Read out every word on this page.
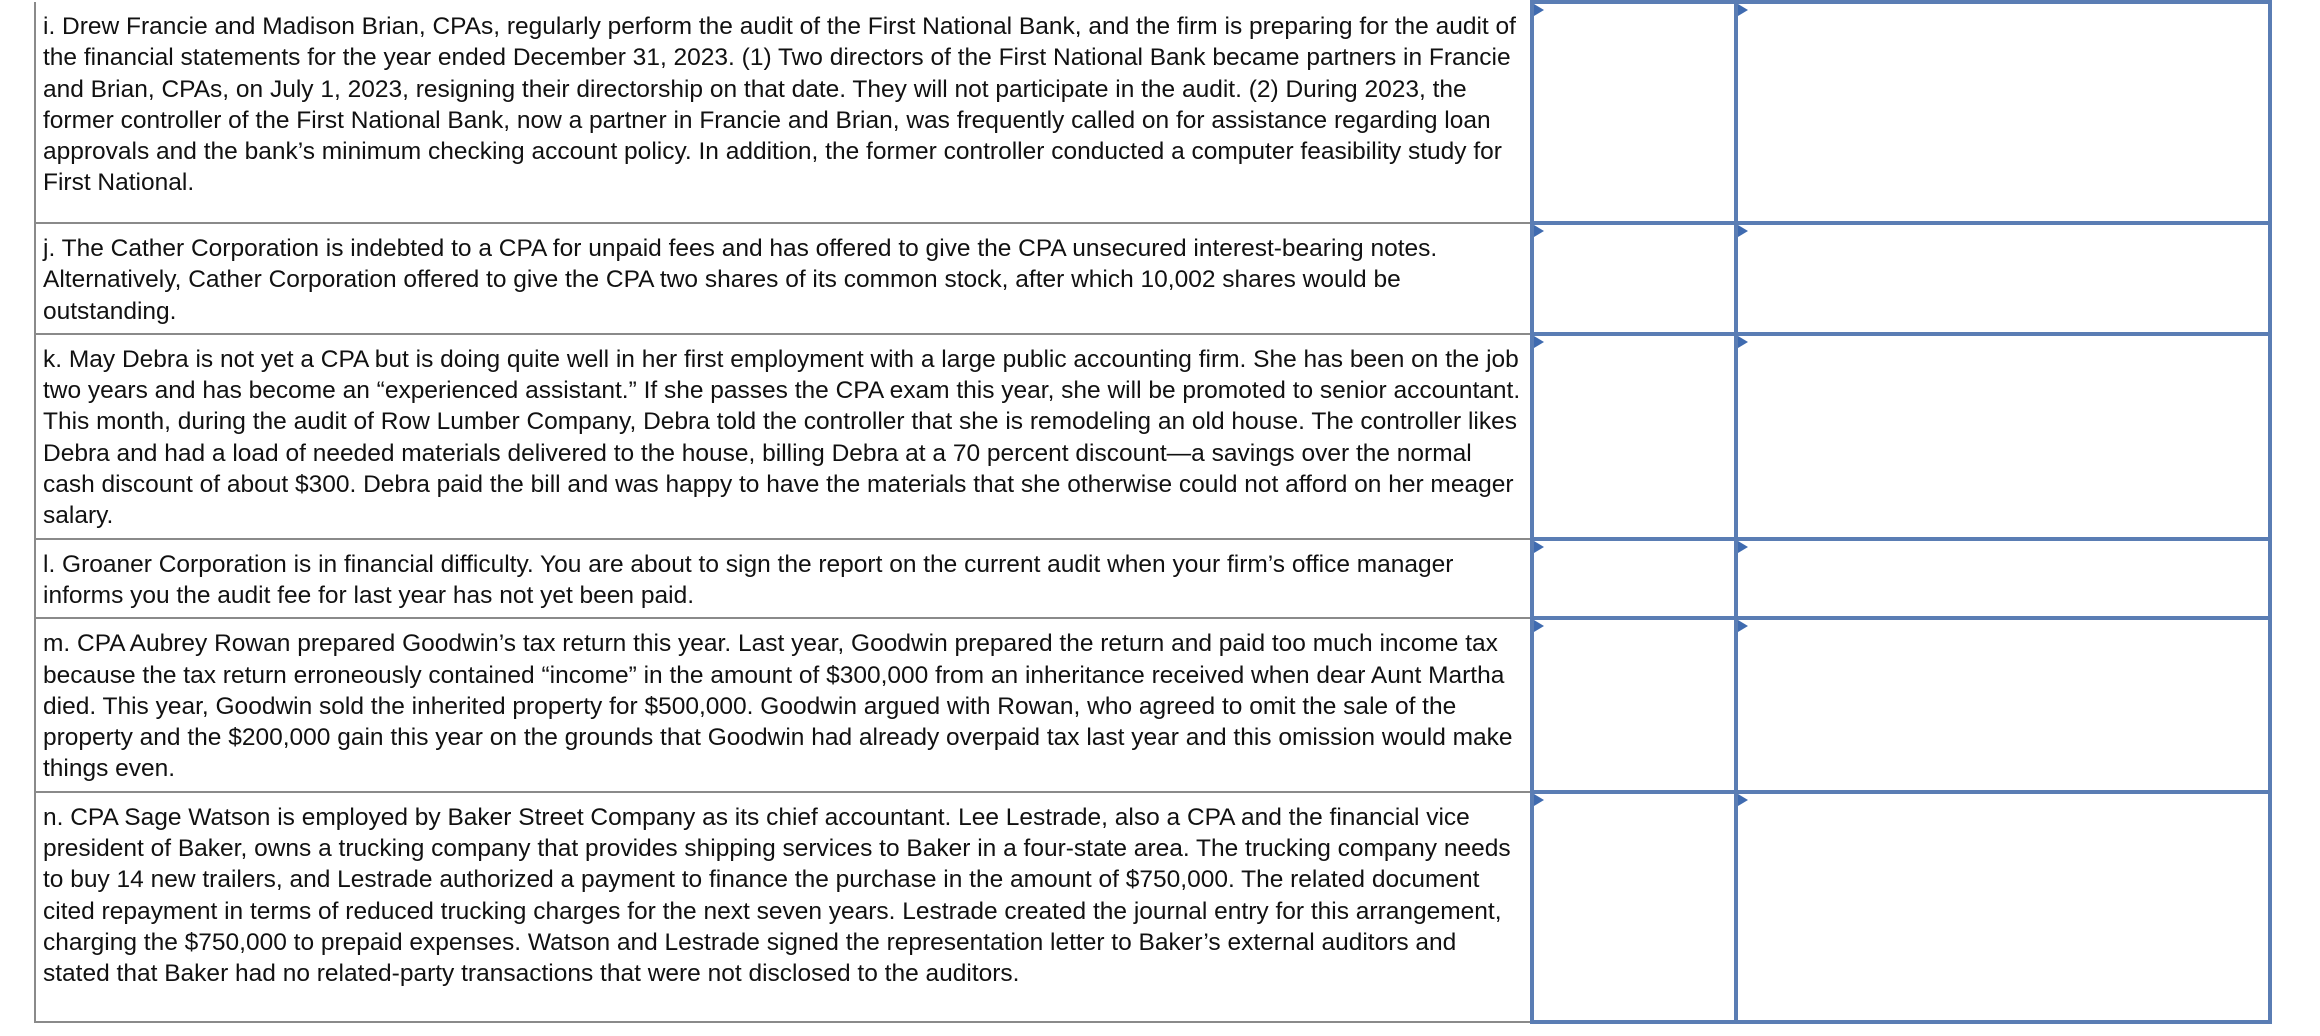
i. Drew Francie and Madison Brian, CPAs, regularly perform the audit of the First National Bank, and the firm is preparing for the audit of the financial statements for the year ended December 31, 2023. (1) Two directors of the First National Bank became partners in Francie and Brian, CPAs, on July 1, 2023, resigning their directorship on that date. They will not participate in the audit. (2) During 2023, the former controller of the First National Bank, now a partner in Francie and Brian, was frequently called on for assistance regarding loan approvals and the bank’s minimum checking account policy. In addition, the former controller conducted a computer feasibility study for First National.		

j. The Cather Corporation is indebted to a CPA for unpaid fees and has offered to give the CPA unsecured interest-bearing notes. Alternatively, Cather Corporation offered to give the CPA two shares of its common stock, after which 10,002 shares would be outstanding.		

k. May Debra is not yet a CPA but is doing quite well in her first employment with a large public accounting firm. She has been on the job two years and has become an “experienced assistant.” If she passes the CPA exam this year, she will be promoted to senior accountant. This month, during the audit of Row Lumber Company, Debra told the controller that she is remodeling an old house. The controller likes Debra and had a load of needed materials delivered to the house, billing Debra at a 70 percent discount—a savings over the normal cash discount of about $300. Debra paid the bill and was happy to have the materials that she otherwise could not afford on her meager salary.		

l. Groaner Corporation is in financial difficulty. You are about to sign the report on the current audit when your firm’s office manager informs you the audit fee for last year has not yet been paid.		

m. CPA Aubrey Rowan prepared Goodwin’s tax return this year. Last year, Goodwin prepared the return and paid too much income tax because the tax return erroneously contained “income” in the amount of $300,000 from an inheritance received when dear Aunt Martha died. This year, Goodwin sold the inherited property for $500,000. Goodwin argued with Rowan, who agreed to omit the sale of the property and the $200,000 gain this year on the grounds that Goodwin had already overpaid tax last year and this omission would make things even.		

n. CPA Sage Watson is employed by Baker Street Company as its chief accountant. Lee Lestrade, also a CPA and the financial vice president of Baker, owns a trucking company that provides shipping services to Baker in a four-state area. The trucking company needs to buy 14 new trailers, and Lestrade authorized a payment to finance the purchase in the amount of $750,000. The related document cited repayment in terms of reduced trucking charges for the next seven years. Lestrade created the journal entry for this arrangement, charging the $750,000 to prepaid expenses. Watson and Lestrade signed the representation letter to Baker’s external auditors and stated that Baker had no related-party transactions that were not disclosed to the auditors.		
